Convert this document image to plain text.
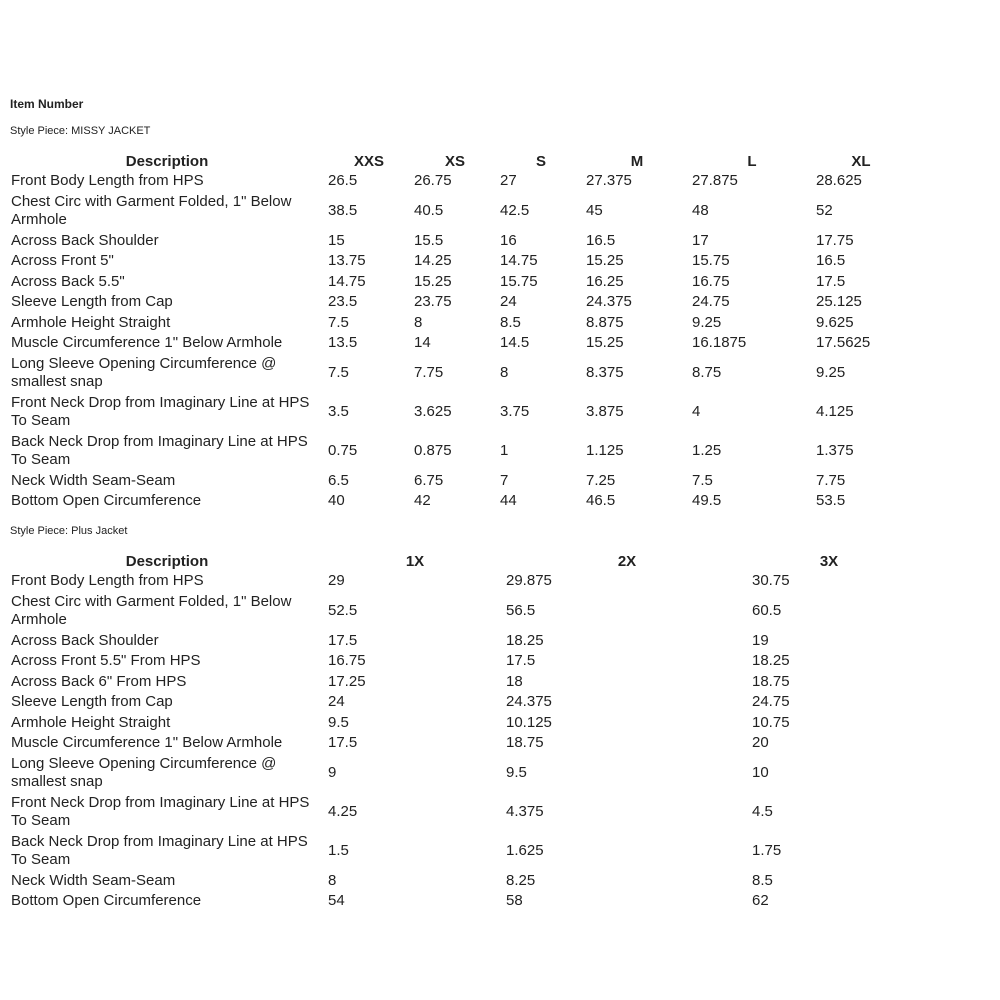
Item Number
Style Piece: MISSY JACKET
Description	XXS	XS	S	M	L	XL
Front Body Length from HPS	26.5	26.75	27	27.375	27.875	28.625
Chest Circ with Garment Folded, 1" Below Armhole	38.5	40.5	42.5	45	48	52
Across Back Shoulder	15	15.5	16	16.5	17	17.75
Across Front 5"	13.75	14.25	14.75	15.25	15.75	16.5
Across Back 5.5"	14.75	15.25	15.75	16.25	16.75	17.5
Sleeve Length from Cap	23.5	23.75	24	24.375	24.75	25.125
Armhole Height Straight	7.5	8	8.5	8.875	9.25	9.625
Muscle Circumference 1" Below Armhole	13.5	14	14.5	15.25	16.1875	17.5625
Long Sleeve Opening Circumference @ smallest snap	7.5	7.75	8	8.375	8.75	9.25
Front Neck Drop from Imaginary Line at HPS To Seam	3.5	3.625	3.75	3.875	4	4.125
Back Neck Drop from Imaginary Line at HPS To Seam	0.75	0.875	1	1.125	1.25	1.375
Neck Width Seam-Seam	6.5	6.75	7	7.25	7.5	7.75
Bottom Open Circumference	40	42	44	46.5	49.5	53.5
Style Piece: Plus Jacket
Description	1X	2X	3X
Front Body Length from HPS	29	29.875	30.75
Chest Circ with Garment Folded, 1" Below Armhole	52.5	56.5	60.5
Across Back Shoulder	17.5	18.25	19
Across Front 5.5" From HPS	16.75	17.5	18.25
Across Back 6" From HPS	17.25	18	18.75
Sleeve Length from Cap	24	24.375	24.75
Armhole Height Straight	9.5	10.125	10.75
Muscle Circumference 1" Below Armhole	17.5	18.75	20
Long Sleeve Opening Circumference @ smallest snap	9	9.5	10
Front Neck Drop from Imaginary Line at HPS To Seam	4.25	4.375	4.5
Back Neck Drop from Imaginary Line at HPS To Seam	1.5	1.625	1.75
Neck Width Seam-Seam	8	8.25	8.5
Bottom Open Circumference	54	58	62
